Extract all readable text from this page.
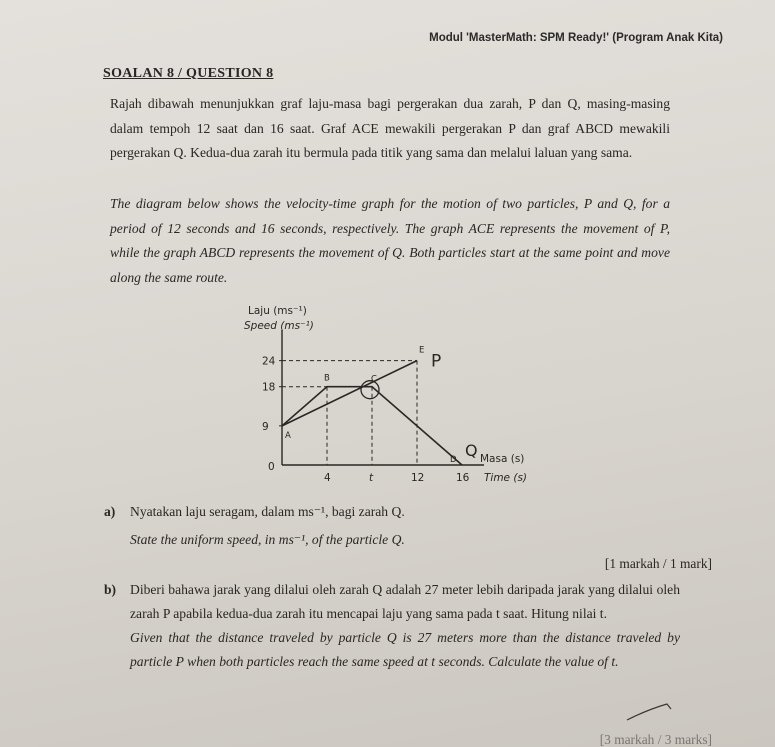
Modul 'MasterMath: SPM Ready!' (Program Anak Kita)
SOALAN 8 / QUESTION 8
Rajah dibawah menunjukkan graf laju-masa bagi pergerakan dua zarah, P dan Q, masing-masing dalam tempoh 12 saat dan 16 saat. Graf ACE mewakili pergerakan P dan graf ABCD mewakili pergerakan Q. Kedua-dua zarah itu bermula pada titik yang sama dan melalui laluan yang sama.
The diagram below shows the velocity-time graph for the motion of two particles, P and Q, for a period of 12 seconds and 16 seconds, respectively. The graph ACE represents the movement of P, while the graph ABCD represents the movement of Q. Both particles start at the same point and move along the same route.
Laju (ms⁻¹)
Speed (ms⁻¹)
Masa (s)
Time (s)
24
18
9
4	t	12	16
0
A
B	C
D
E
P
Q
a) Nyatakan laju seragam, dalam ms⁻¹, bagi zarah Q.
State the uniform speed, in ms⁻¹, of the particle Q.
[1 markah / 1 mark]
b) Diberi bahawa jarak yang dilalui oleh zarah Q adalah 27 meter lebih daripada jarak yang dilalui oleh zarah P apabila kedua-dua zarah itu mencapai laju yang sama pada t saat. Hitung nilai t.
Given that the distance traveled by particle Q is 27 meters more than the distance traveled by particle P when both particles reach the same speed at t seconds. Calculate the value of t.
[3 markah / 3 marks]
